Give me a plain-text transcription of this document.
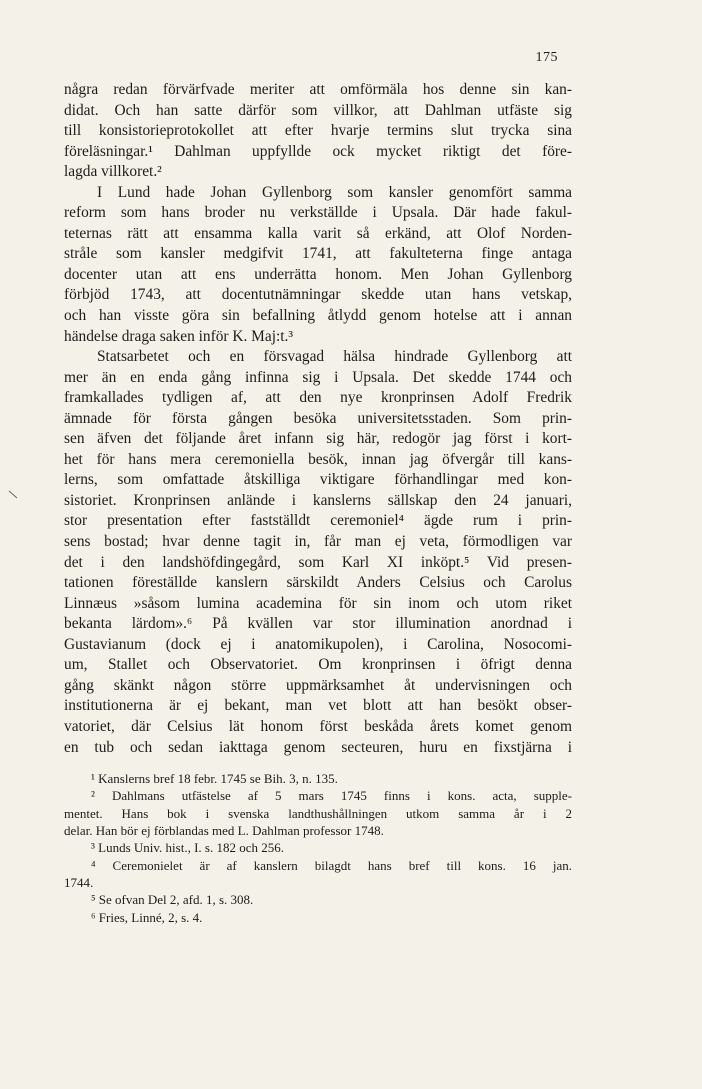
175
några redan förvärfvade meriter att omförmäla hos denne sin kan-
didat. Och han satte därför som villkor, att Dahlman utfäste sig
till konsistorieprotokollet att efter hvarje termins slut trycka sina
föreläsningar.¹ Dahlman uppfyllde ock mycket riktigt det före-
lagda villkoret.²
I Lund hade Johan Gyllenborg som kansler genomfört samma
reform som hans broder nu verkställde i Upsala. Där hade fakul-
teternas rätt att ensamma kalla varit så erkänd, att Olof Norden-
stråle som kansler medgifvit 1741, att fakulteterna finge antaga
docenter utan att ens underrätta honom. Men Johan Gyllenborg
förbjöd 1743, att docentutnämningar skedde utan hans vetskap,
och han visste göra sin befallning åtlydd genom hotelse att i annan
händelse draga saken inför K. Maj:t.³
Statsarbetet och en försvagad hälsa hindrade Gyllenborg att
mer än en enda gång infinna sig i Upsala. Det skedde 1744 och
framkallades tydligen af, att den nye kronprinsen Adolf Fredrik
ämnade för första gången besöka universitetsstaden. Som prin-
sen äfven det följande året infann sig här, redogör jag först i kort-
het för hans mera ceremoniella besök, innan jag öfvergår till kans-
lerns, som omfattade åtskilliga viktigare förhandlingar med kon-
sistoriet. Kronprinsen anlände i kanslerns sällskap den 24 januari,
stor presentation efter fastställdt ceremoniel⁴ ägde rum i prin-
sens bostad; hvar denne tagit in, får man ej veta, förmodligen var
det i den landshöfdingegård, som Karl XI inköpt.⁵ Vid presen-
tationen föreställde kanslern särskildt Anders Celsius och Carolus
Linnæus »såsom lumina academina för sin inom och utom riket
bekanta lärdom».⁶ På kvällen var stor illumination anordnad i
Gustavianum (dock ej i anatomikupolen), i Carolina, Nosocomi-
um, Stallet och Observatoriet. Om kronprinsen i öfrigt denna
gång skänkt någon större uppmärksamhet åt undervisningen och
institutionerna är ej bekant, man vet blott att han besökt obser-
vatoriet, där Celsius lät honom först beskåda årets komet genom
en tub och sedan iakttaga genom secteuren, huru en fixstjärna i
¹ Kanslerns bref 18 febr. 1745 se Bih. 3, n. 135.
² Dahlmans utfästelse af 5 mars 1745 finns i kons. acta, supple-
mentet. Hans bok i svenska landthushållningen utkom samma år i 2
delar. Han bör ej förblandas med L. Dahlman professor 1748.
³ Lunds Univ. hist., I. s. 182 och 256.
⁴ Ceremonielet är af kanslern bilagdt hans bref till kons. 16 jan.
1744.
⁵ Se ofvan Del 2, afd. 1, s. 308.
⁶ Fries, Linné, 2, s. 4.
